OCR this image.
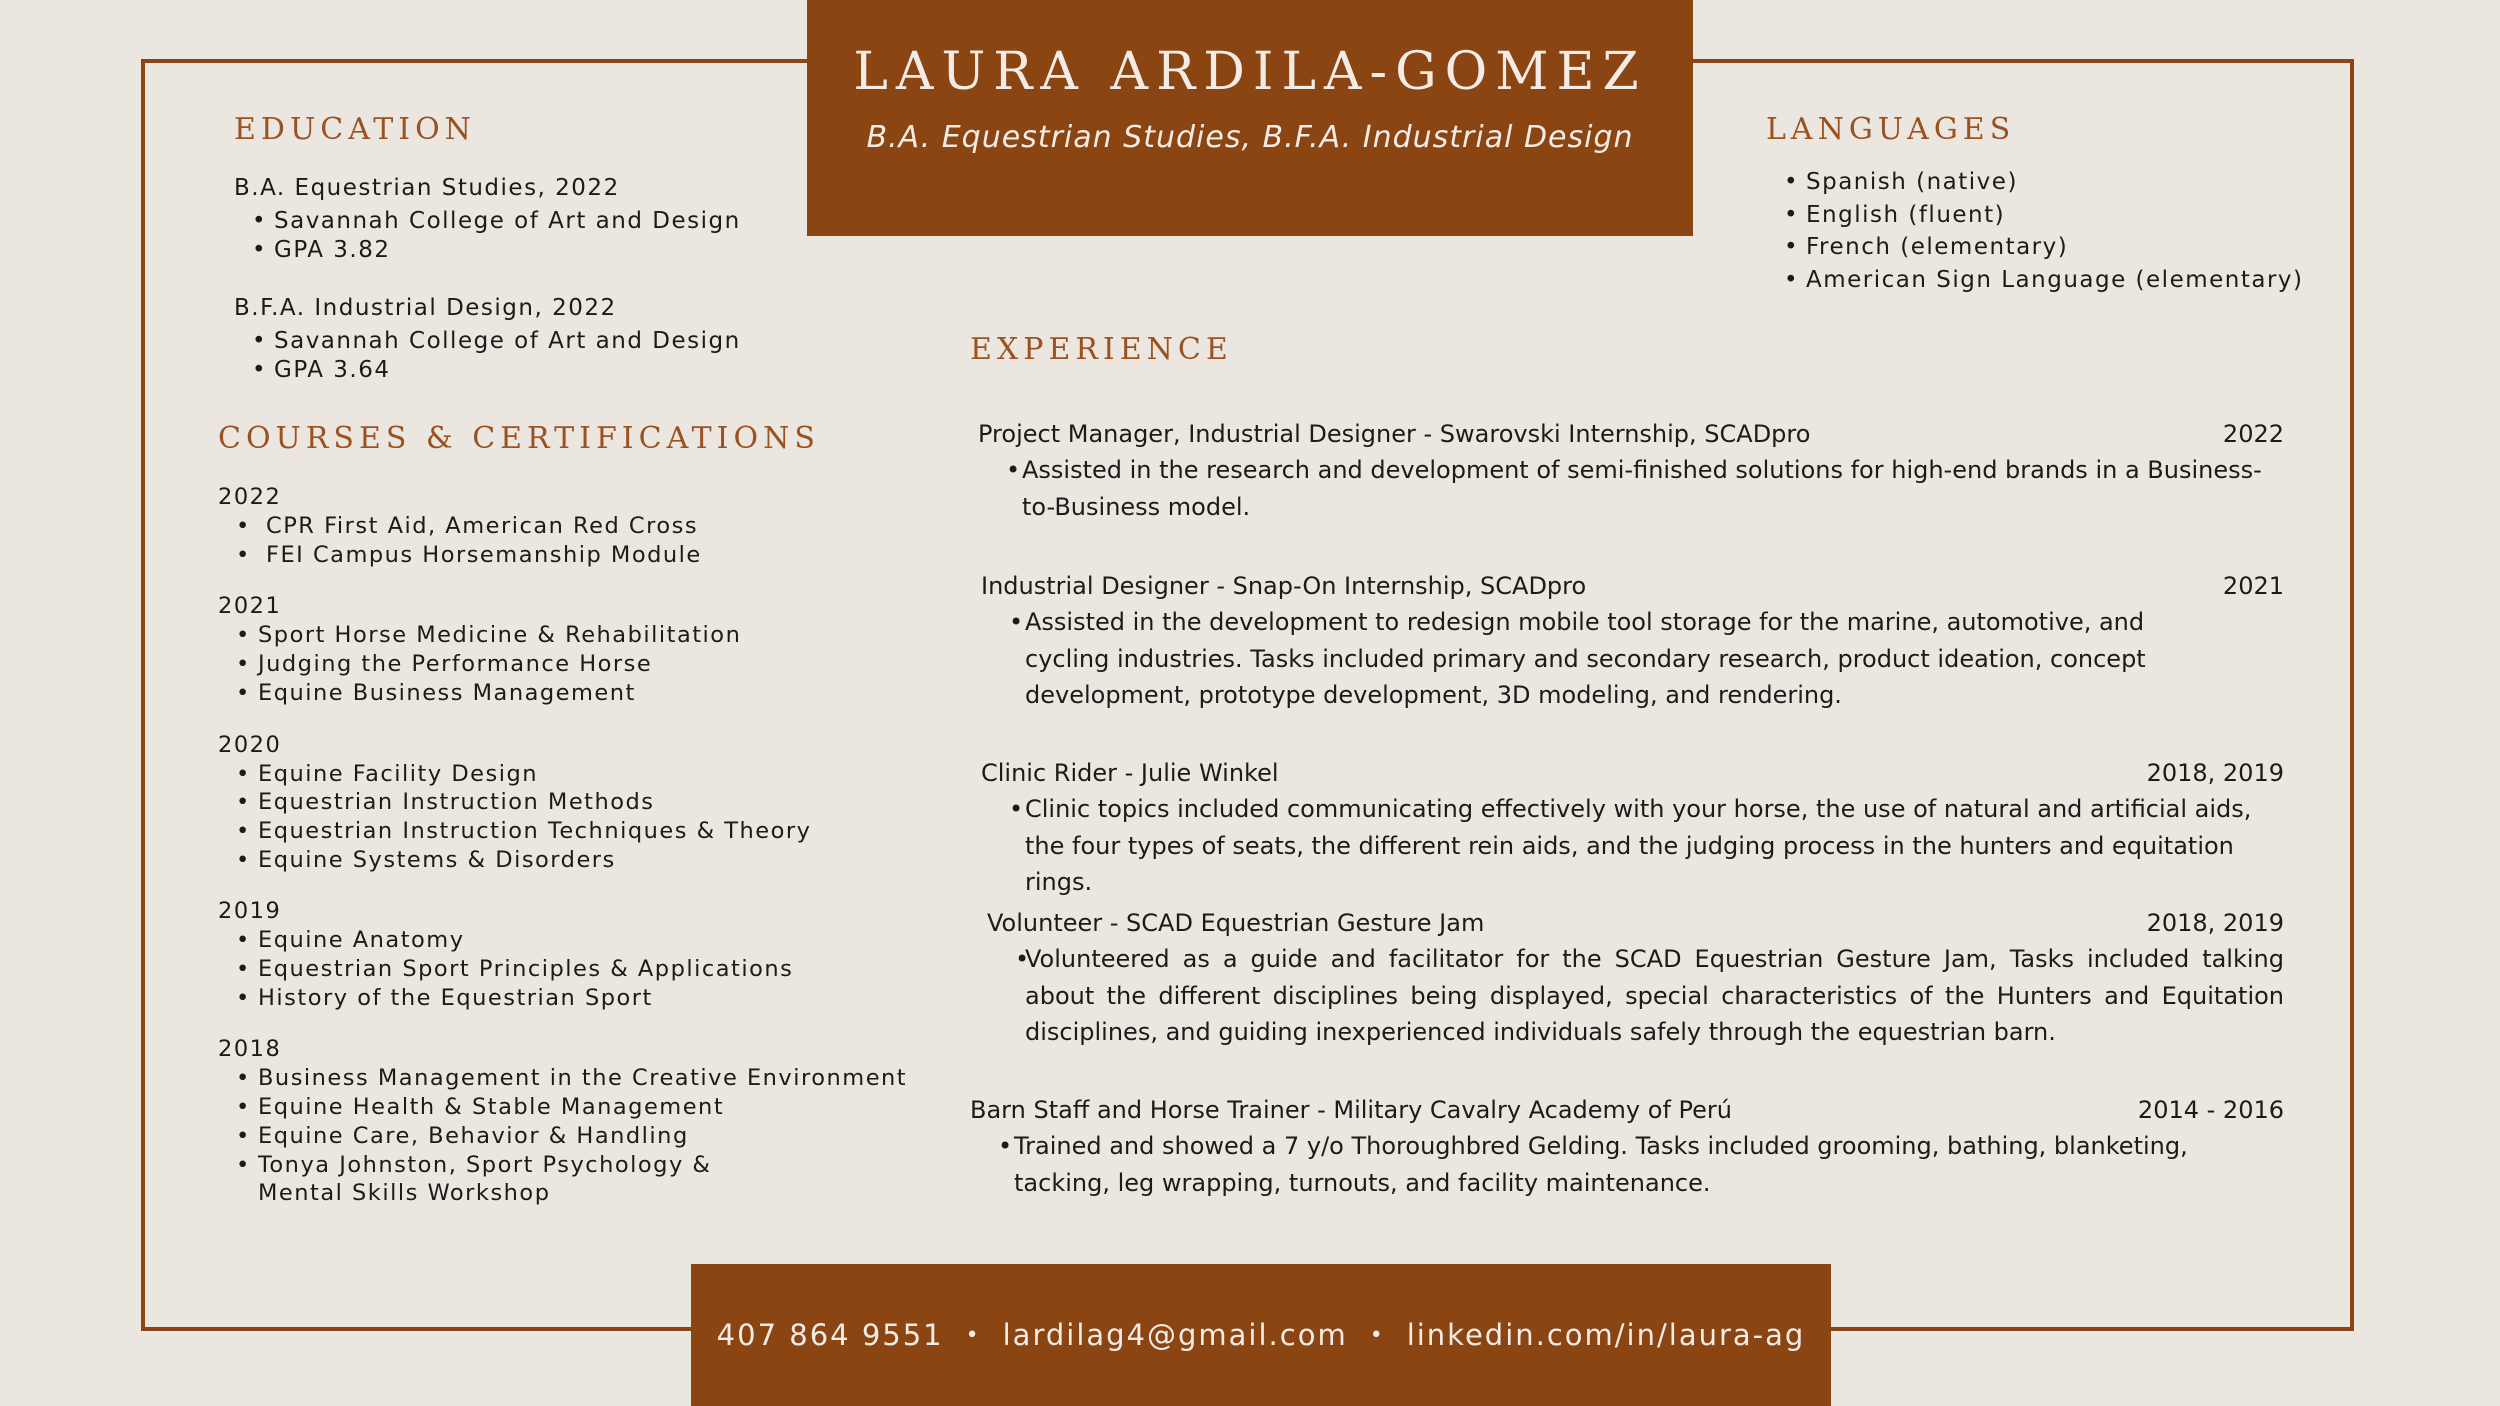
LAURA ARDILA-GOMEZ
B.A. Equestrian Studies, B.F.A. Industrial Design
EDUCATION
B.A. Equestrian Studies, 2022
• Savannah College of Art and Design
• GPA 3.82
B.F.A. Industrial Design, 2022
• Savannah College of Art and Design
• GPA 3.64
COURSES & CERTIFICATIONS
2022
• CPR First Aid, American Red Cross
• FEI Campus Horsemanship Module
2021
• Sport Horse Medicine & Rehabilitation
• Judging the Performance Horse
• Equine Business Management
2020
• Equine Facility Design
• Equestrian Instruction Methods
• Equestrian Instruction Techniques & Theory
• Equine Systems & Disorders
2019
• Equine Anatomy
• Equestrian Sport Principles & Applications
• History of the Equestrian Sport
2018
• Business Management in the Creative Environment
• Equine Health & Stable Management
• Equine Care, Behavior & Handling
• Tonya Johnston, Sport Psychology & Mental Skills Workshop
LANGUAGES
• Spanish (native)
• English (fluent)
• French (elementary)
• American Sign Language (elementary)
EXPERIENCE
Project Manager, Industrial Designer - Swarovski Internship, SCADpro	2022
• Assisted in the research and development of semi-finished solutions for high-end brands in a Business-to-Business model.
Industrial Designer - Snap-On Internship, SCADpro	2021
• Assisted in the development to redesign mobile tool storage for the marine, automotive, and cycling industries. Tasks included primary and secondary research, product ideation, concept development, prototype development, 3D modeling, and rendering.
Clinic Rider - Julie Winkel	2018, 2019
• Clinic topics included communicating effectively with your horse, the use of natural and artificial aids, the four types of seats, the different rein aids, and the judging process in the hunters and equitation rings.
Volunteer - SCAD Equestrian Gesture Jam	2018, 2019
• Volunteered as a guide and facilitator for the SCAD Equestrian Gesture Jam, Tasks included talking about the different disciplines being displayed, special characteristics of the Hunters and Equitation disciplines, and guiding inexperienced individuals safely through the equestrian barn.
Barn Staff and Horse Trainer - Military Cavalry Academy of Perú	2014 - 2016
• Trained and showed a 7 y/o Thoroughbred Gelding. Tasks included grooming, bathing, blanketing, tacking, leg wrapping, turnouts, and facility maintenance.
407 864 9551 • lardilag4@gmail.com • linkedin.com/in/laura-ag
